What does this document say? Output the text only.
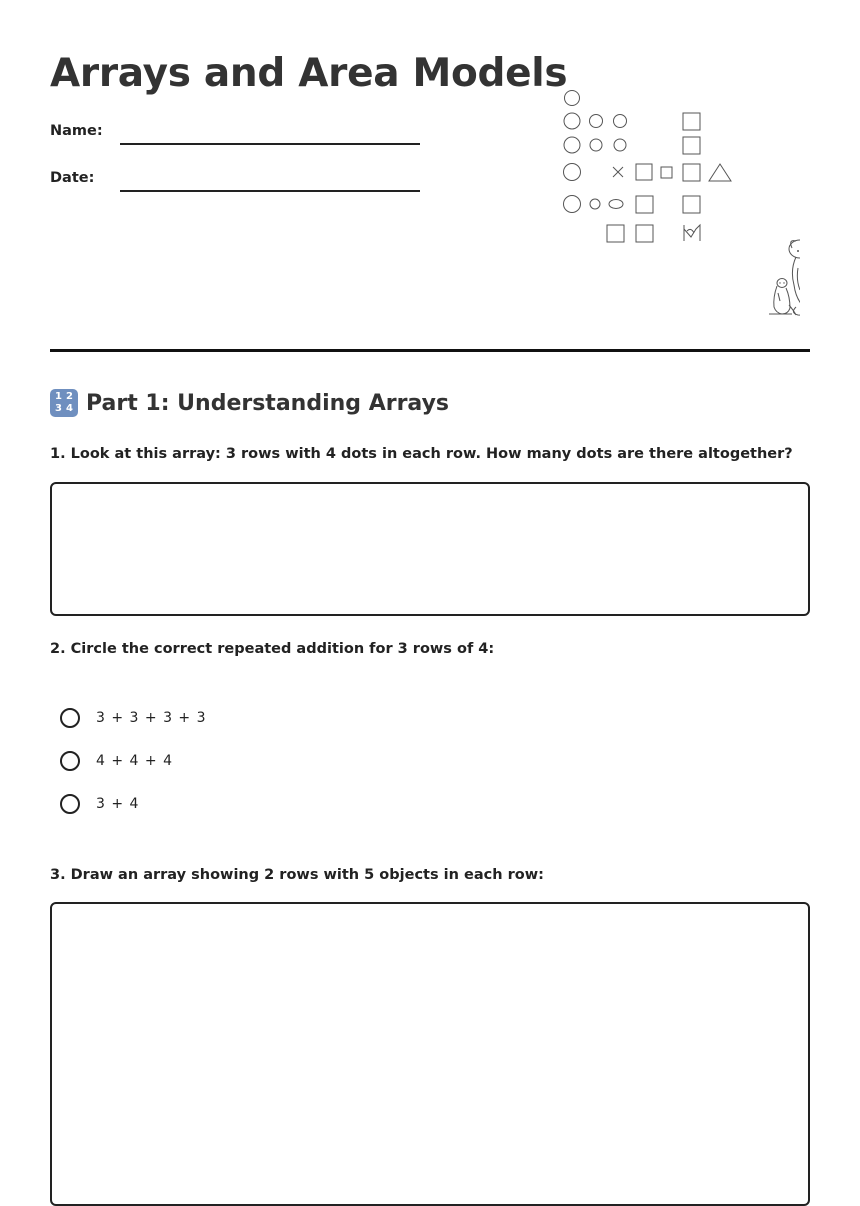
Arrays and Area Models
Name:
Date:
1 2
3 4 Part 1: Understanding Arrays
1. Look at this array: 3 rows with 4 dots in each row. How many dots are there altogether?
2. Circle the correct repeated addition for 3 rows of 4:
3 + 3 + 3 + 3
4 + 4 + 4
3 + 4
3. Draw an array showing 2 rows with 5 objects in each row:
